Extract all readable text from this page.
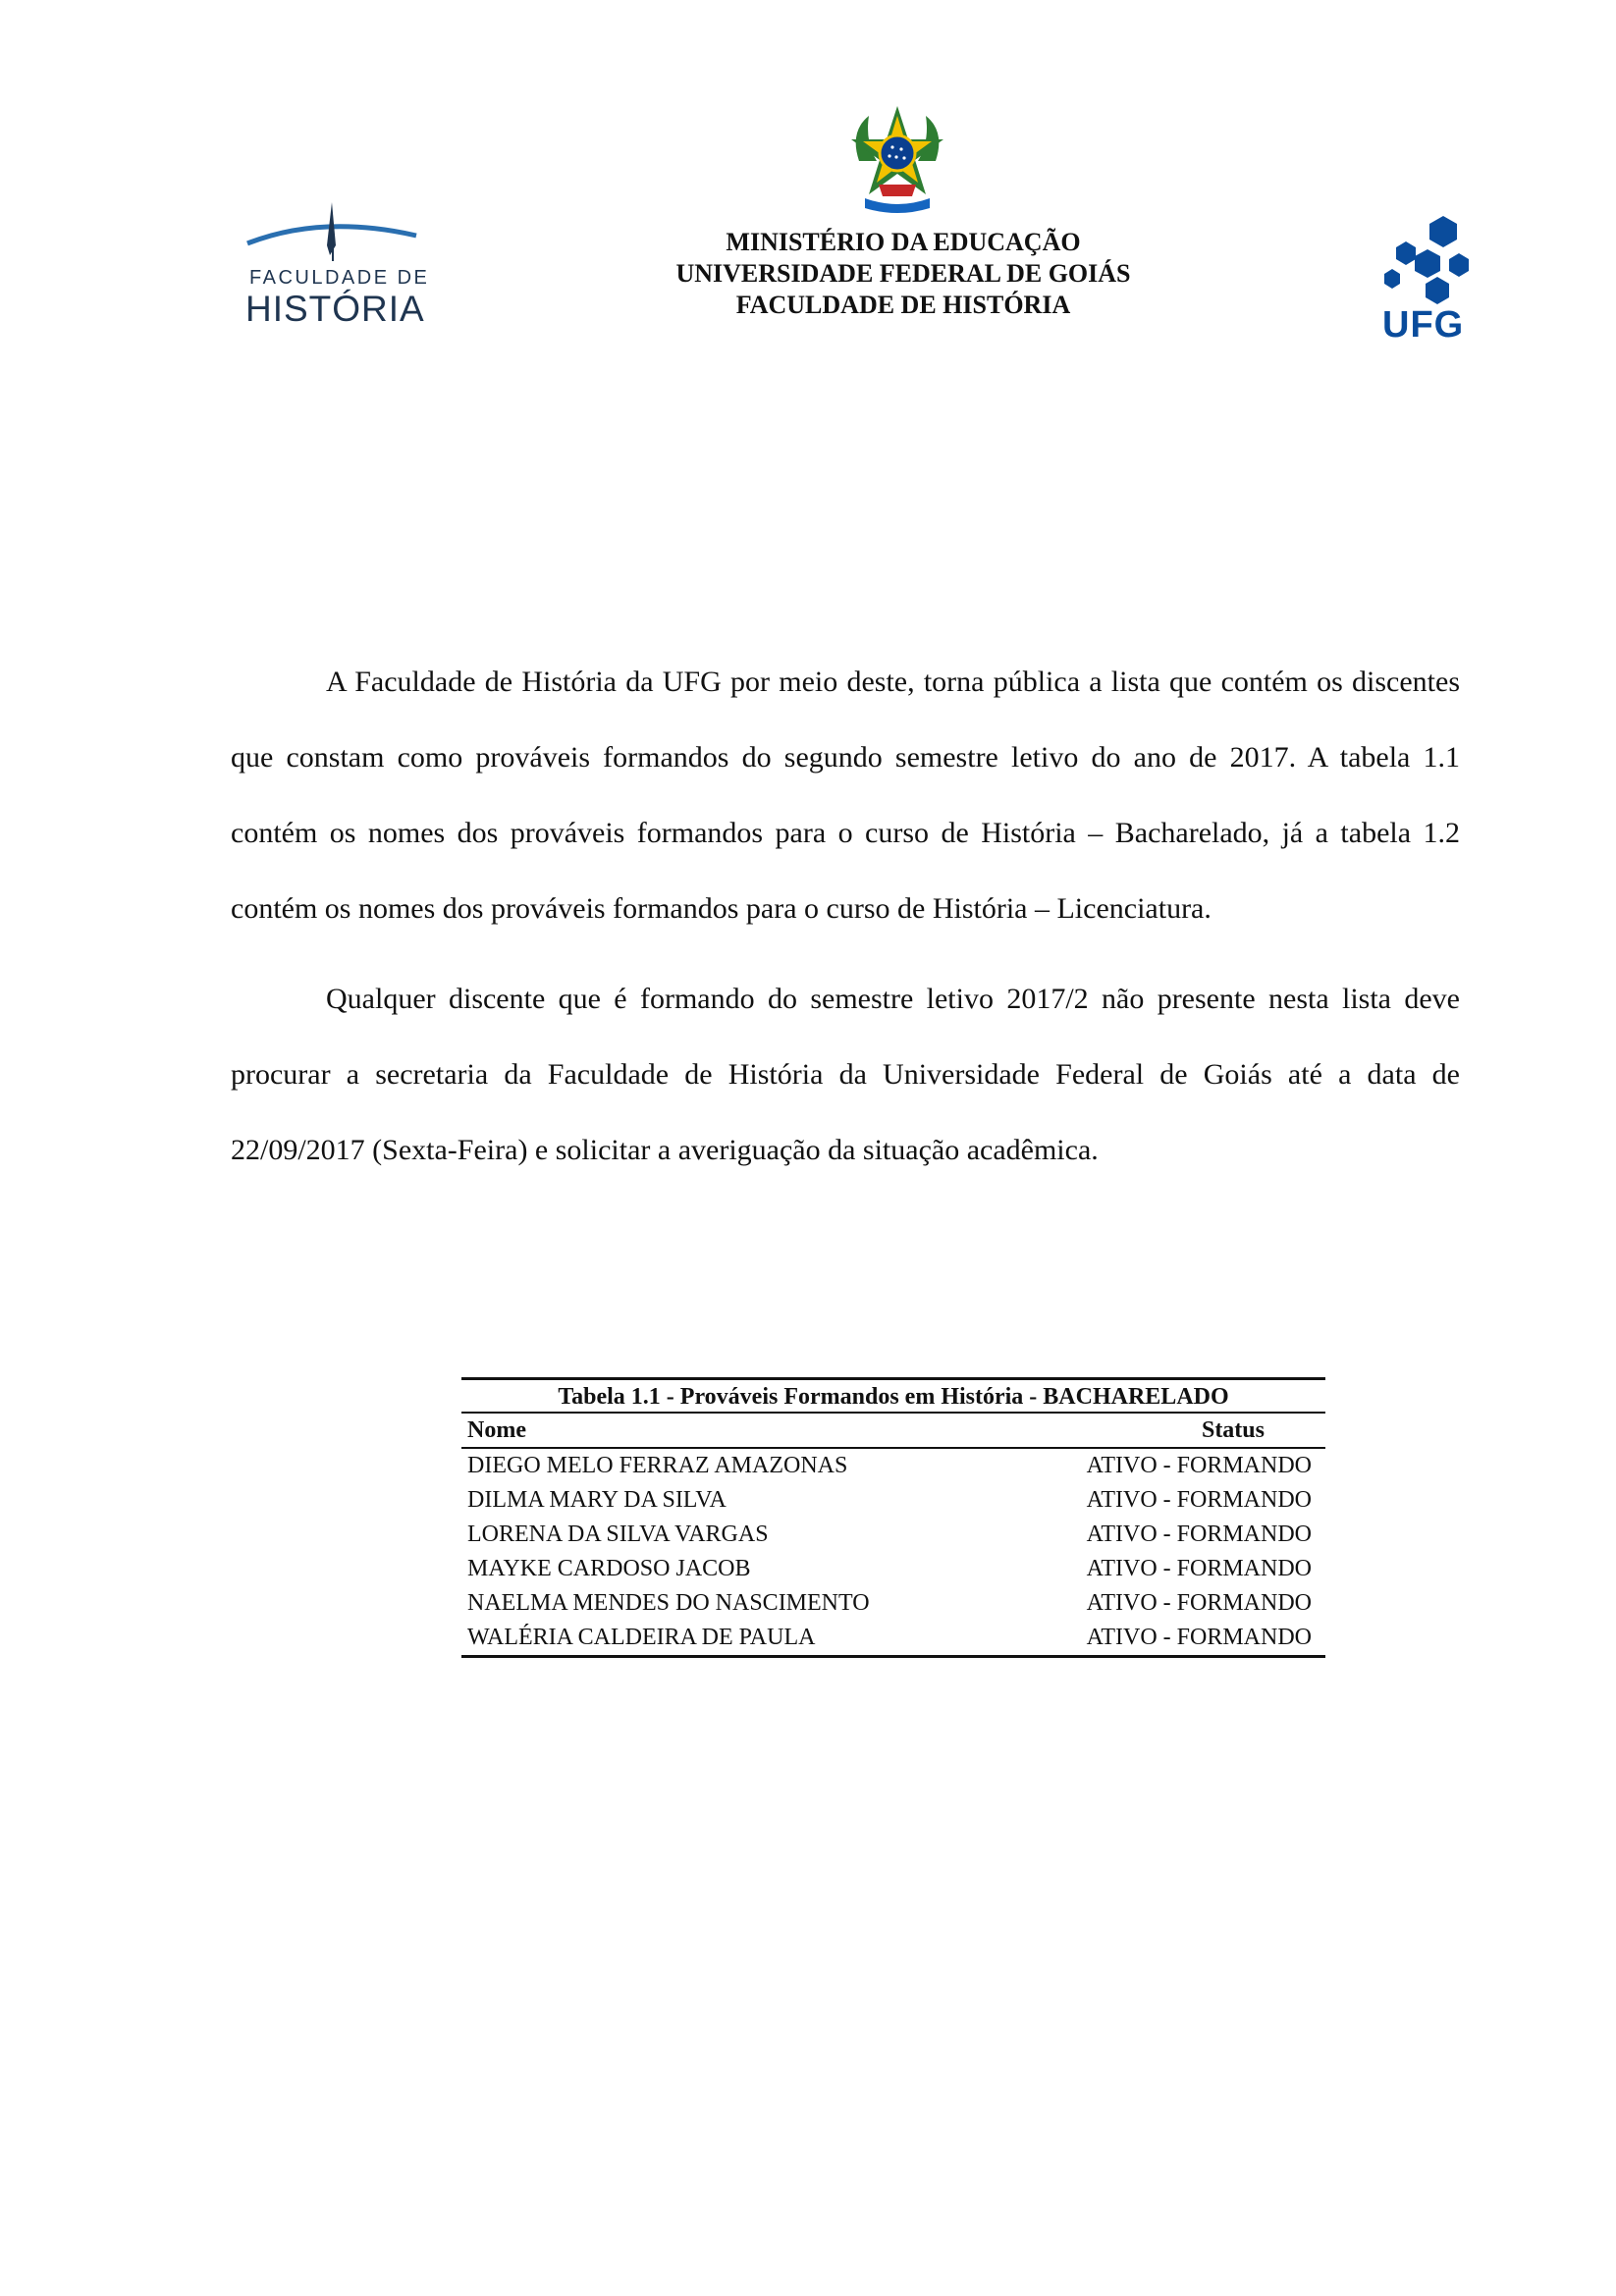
FACULDADE DE
HISTÓRIA
MINISTÉRIO DA EDUCAÇÃO
UNIVERSIDADE FEDERAL DE GOIÁS
FACULDADE DE HISTÓRIA	UFG

A Faculdade de História da UFG por meio deste, torna pública a lista que contém os discentes que constam como prováveis formandos do segundo semestre letivo do ano de 2017. A tabela 1.1 contém os nomes dos prováveis formandos para o curso de História – Bacharelado, já a tabela 1.2 contém os nomes dos prováveis formandos para o curso de História – Licenciatura.

Qualquer discente que é formando do semestre letivo 2017/2 não presente nesta lista deve procurar a secretaria da Faculdade de História da Universidade Federal de Goiás até a data de 22/09/2017 (Sexta-Feira) e solicitar a averiguação da situação acadêmica.

Tabela 1.1 - Prováveis Formandos em História - BACHARELADO
Nome	Status
DIEGO MELO FERRAZ AMAZONAS	ATIVO - FORMANDO
DILMA MARY DA SILVA	ATIVO - FORMANDO
LORENA DA SILVA VARGAS	ATIVO - FORMANDO
MAYKE CARDOSO JACOB	ATIVO - FORMANDO
NAELMA MENDES DO NASCIMENTO	ATIVO - FORMANDO
WALÉRIA CALDEIRA DE PAULA	ATIVO - FORMANDO
